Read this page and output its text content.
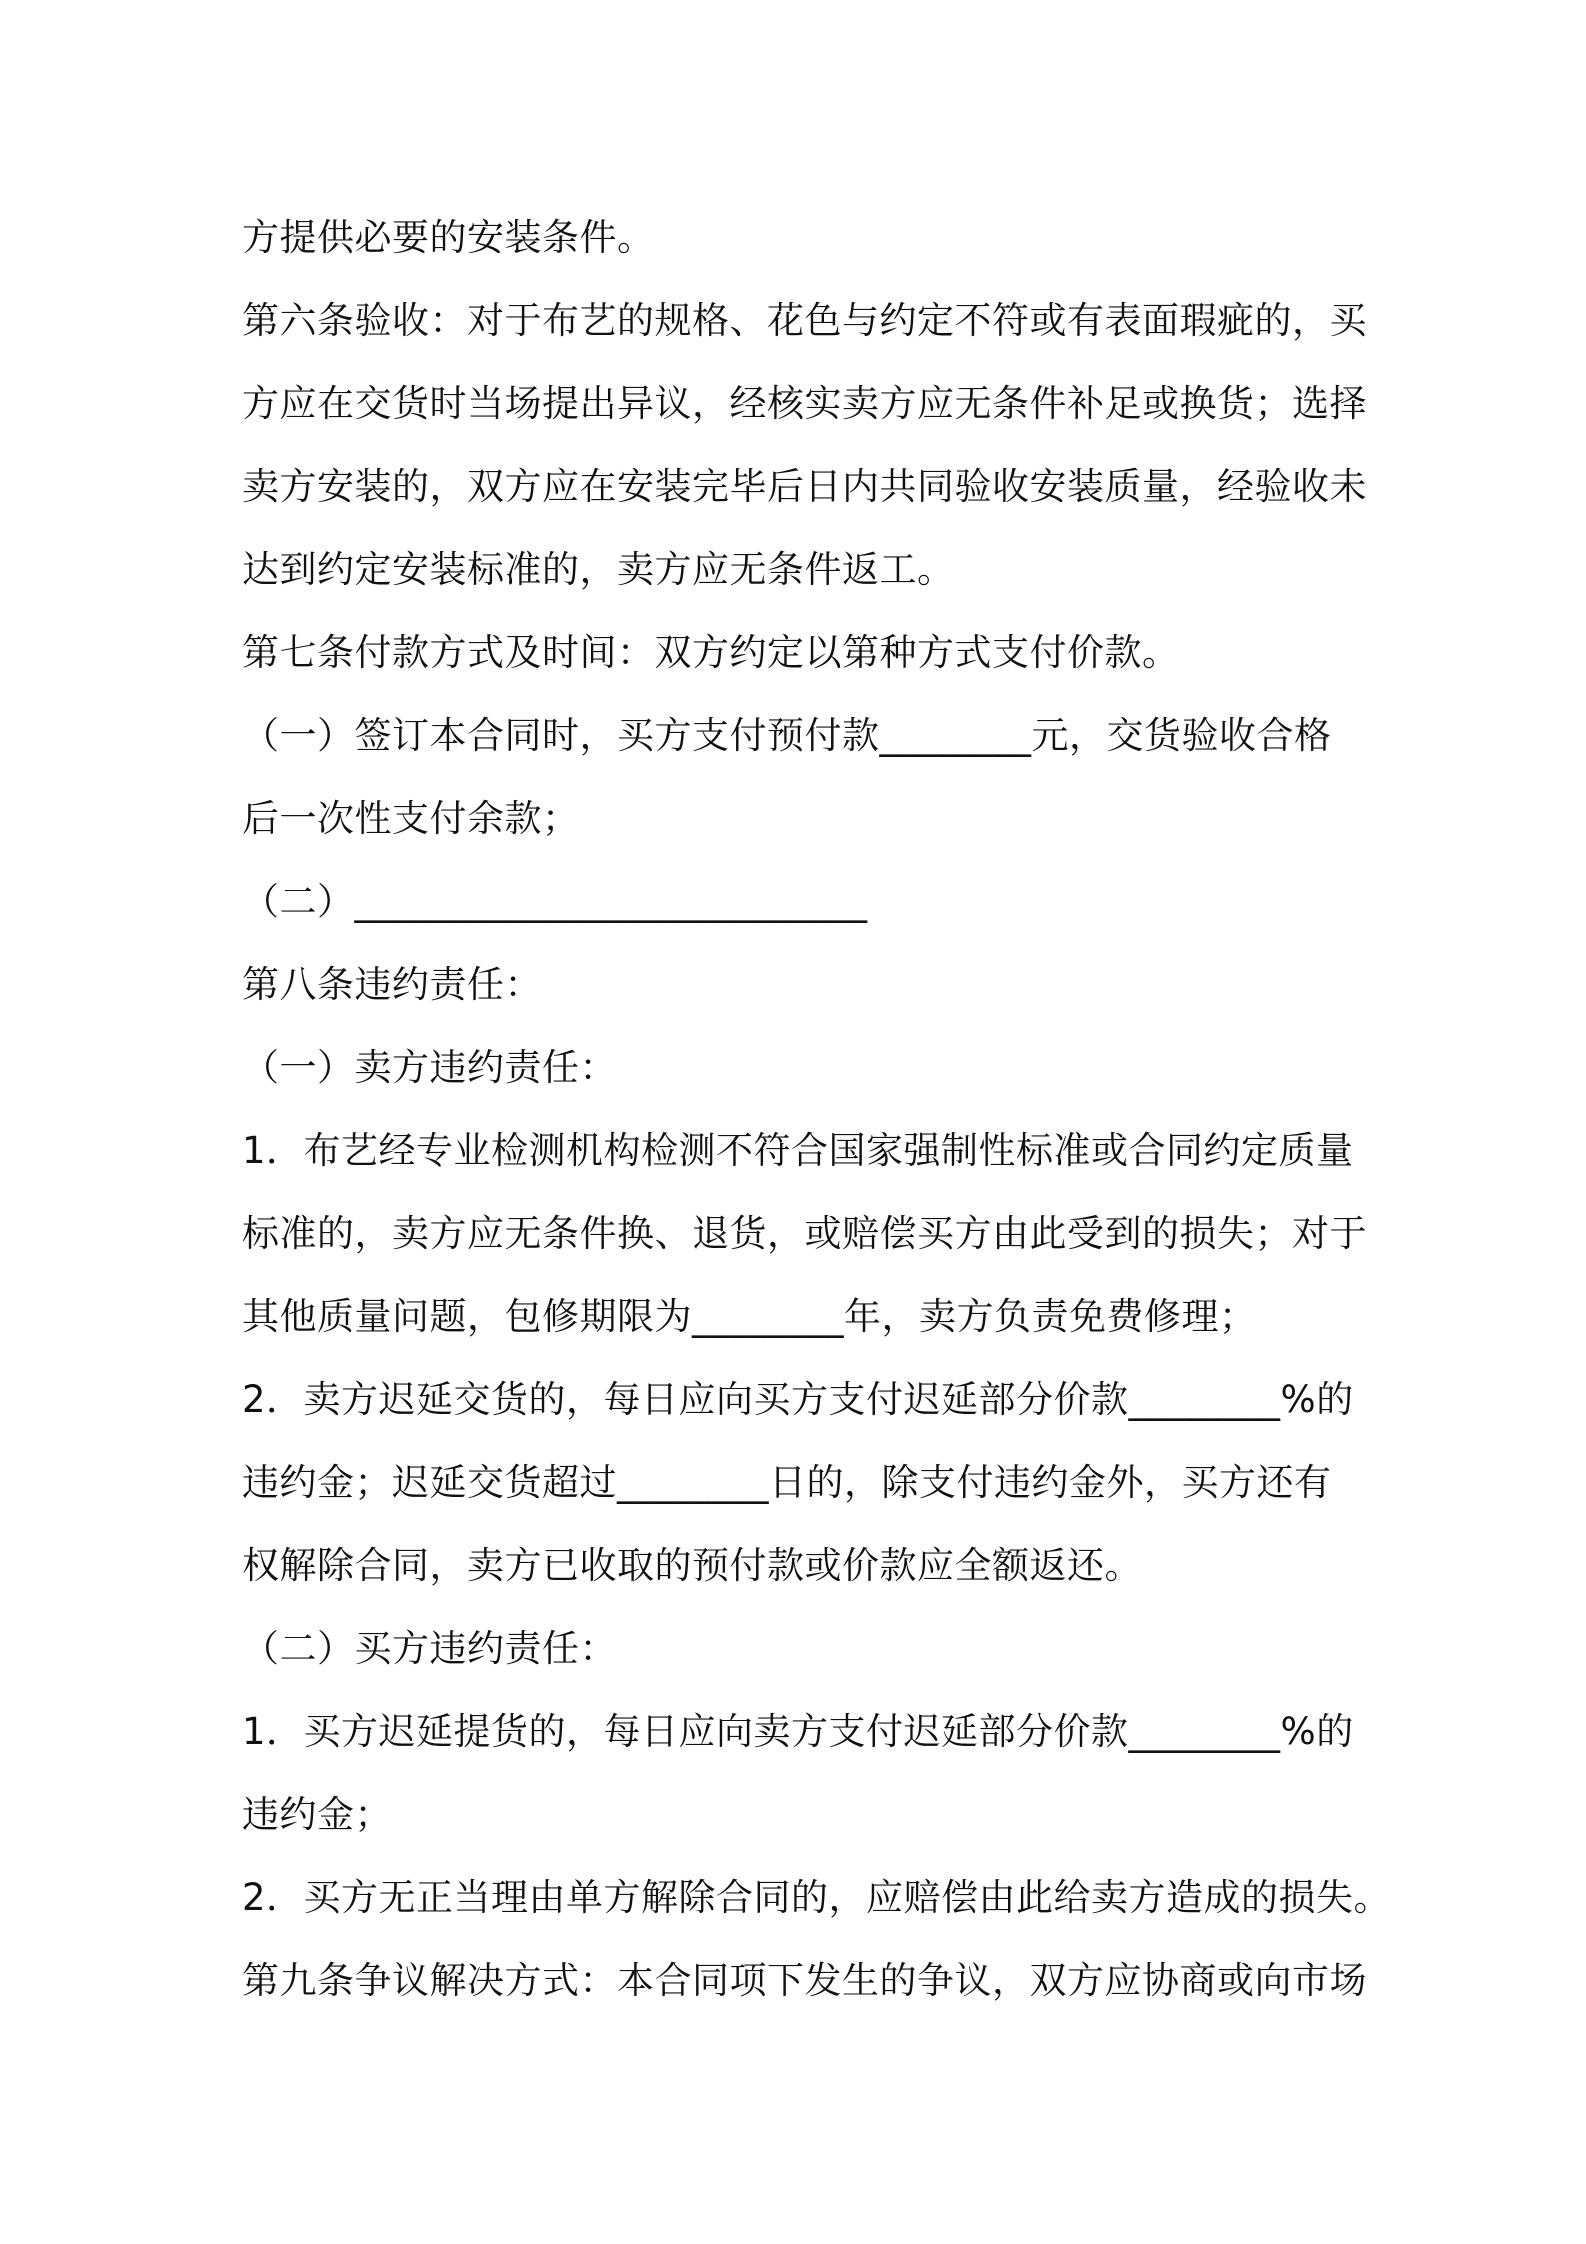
方提供必要的安装条件。
第六条验收：对于布艺的规格、花色与约定不符或有表面瑕疵的，买
方应在交货时当场提出异议，经核实卖方应无条件补足或换货；选择
卖方安装的，双方应在安装完毕后日内共同验收安装质量，经验收未
达到约定安装标准的，卖方应无条件返工。
第七条付款方式及时间：双方约定以第种方式支付价款。
（一）签订本合同时，买方支付预付款________元，交货验收合格
后一次性支付余款；
（二）___________________________
第八条违约责任：
（一）卖方违约责任：
1．布艺经专业检测机构检测不符合国家强制性标准或合同约定质量
标准的，卖方应无条件换、退货，或赔偿买方由此受到的损失；对于
其他质量问题，包修期限为________年，卖方负责免费修理；
2．卖方迟延交货的，每日应向买方支付迟延部分价款________%的
违约金；迟延交货超过________日的，除支付违约金外，买方还有
权解除合同，卖方已收取的预付款或价款应全额返还。
（二）买方违约责任：
1．买方迟延提货的，每日应向卖方支付迟延部分价款________%的
违约金；
2．买方无正当理由单方解除合同的，应赔偿由此给卖方造成的损失。
第九条争议解决方式：本合同项下发生的争议，双方应协商或向市场
